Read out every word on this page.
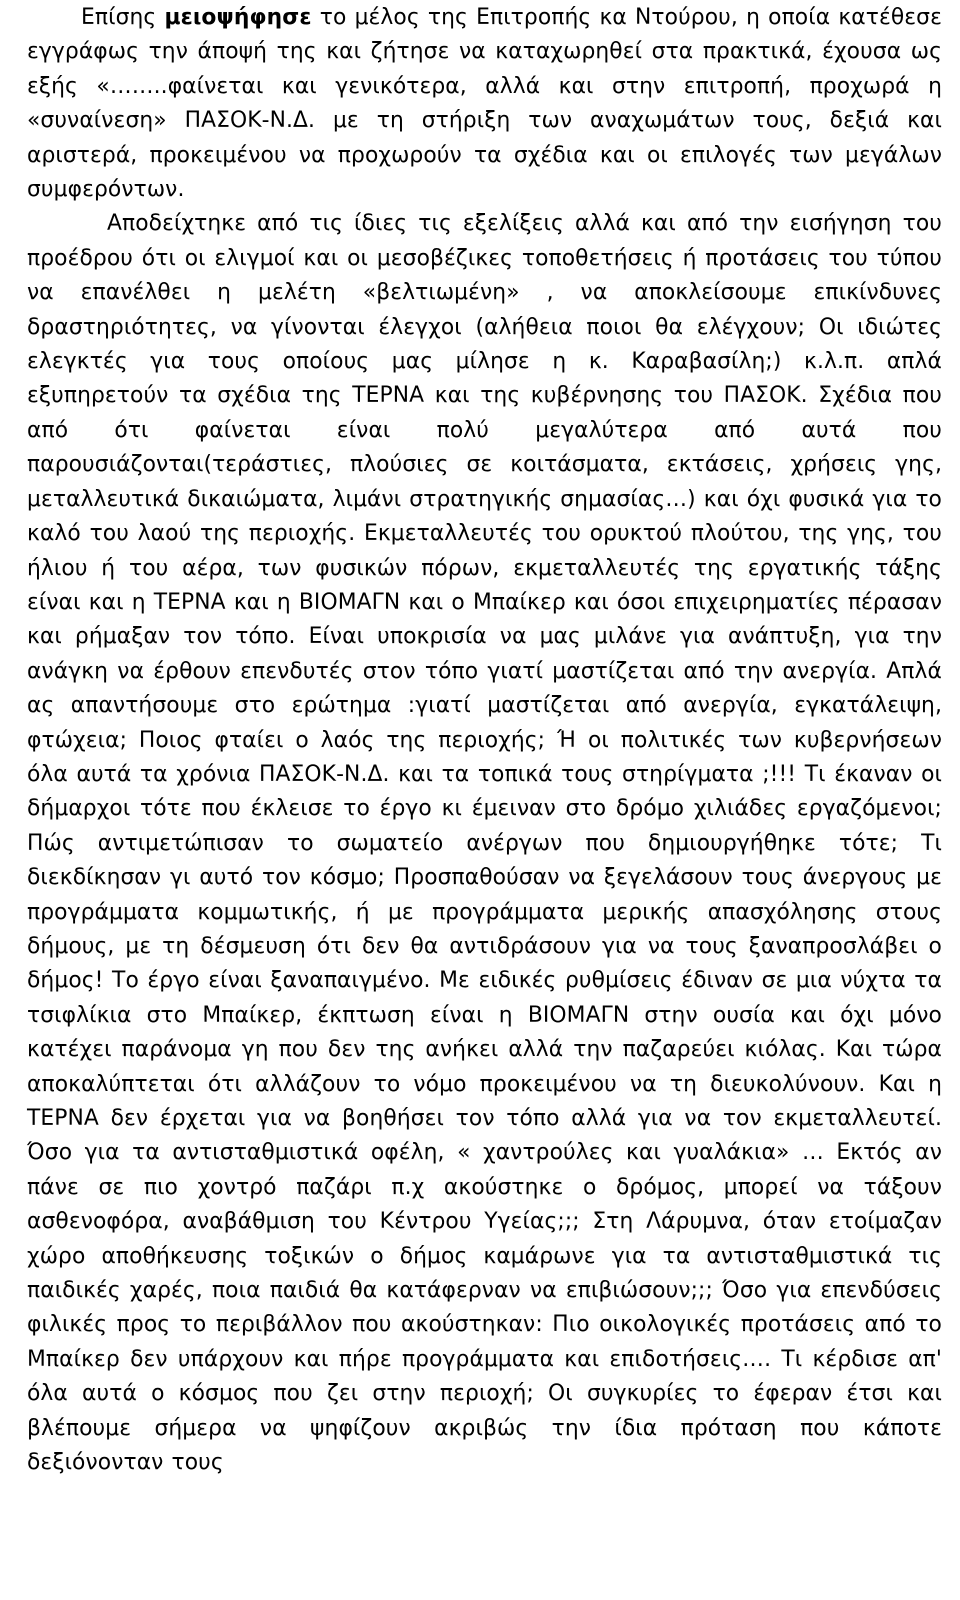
Επίσης μειοψήφησε το μέλος της Επιτροπής κα Ντούρου, η οποία κατέθεσε εγγράφως την άποψή της και ζήτησε να καταχωρηθεί στα πρακτικά, έχουσα ως εξής «……..φαίνεται και γενικότερα, αλλά και στην επιτροπή, προχωρά η «συναίνεση» ΠΑΣΟΚ-Ν.Δ. με τη στήριξη των αναχωμάτων τους, δεξιά και αριστερά, προκειμένου να προχωρούν τα σχέδια και οι επιλογές των μεγάλων συμφερόντων.

Αποδείχτηκε από τις ίδιες τις εξελίξεις αλλά και από την εισήγηση του προέδρου ότι οι ελιγμοί και οι μεσοβέζικες τοποθετήσεις ή προτάσεις του τύπου να επανέλθει η μελέτη «βελτιωμένη» , να αποκλείσουμε επικίνδυνες δραστηριότητες, να γίνονται έλεγχοι (αλήθεια ποιοι θα ελέγχουν; Οι ιδιώτες ελεγκτές για τους οποίους μας μίλησε η κ. Καραβασίλη;) κ.λ.π. απλά εξυπηρετούν τα σχέδια της ΤΕΡΝΑ και της κυβέρνησης του ΠΑΣΟΚ. Σχέδια που από ότι φαίνεται είναι πολύ μεγαλύτερα από αυτά που παρουσιάζονται(τεράστιες, πλούσιες σε κοιτάσματα, εκτάσεις, χρήσεις γης, μεταλλευτικά δικαιώματα, λιμάνι στρατηγικής σημασίας…) και όχι φυσικά για το καλό του λαού της περιοχής. Εκμεταλλευτές του ορυκτού πλούτου, της γης, του ήλιου ή του αέρα, των φυσικών πόρων, εκμεταλλευτές της εργατικής τάξης είναι και η ΤΕΡΝΑ και η ΒΙΟΜΑΓΝ και ο Μπαίκερ και όσοι επιχειρηματίες πέρασαν και ρήμαξαν τον τόπο. Είναι υποκρισία να μας μιλάνε για ανάπτυξη, για την ανάγκη να έρθουν επενδυτές στον τόπο γιατί μαστίζεται από την ανεργία. Απλά ας απαντήσουμε στο ερώτημα :γιατί μαστίζεται από ανεργία, εγκατάλειψη, φτώχεια; Ποιος φταίει ο λαός της περιοχής; Ή οι πολιτικές των κυβερνήσεων όλα αυτά τα χρόνια ΠΑΣΟΚ-Ν.Δ. και τα τοπικά τους στηρίγματα ;!!! Τι έκαναν οι δήμαρχοι τότε που έκλεισε το έργο κι έμειναν στο δρόμο χιλιάδες εργαζόμενοι; Πώς αντιμετώπισαν το σωματείο ανέργων που δημιουργήθηκε τότε; Τι διεκδίκησαν γι αυτό τον κόσμο; Προσπαθούσαν να ξεγελάσουν τους άνεργους με προγράμματα κομμωτικής, ή με προγράμματα μερικής απασχόλησης στους δήμους, με τη δέσμευση ότι δεν θα αντιδράσουν για να τους ξαναπροσλάβει ο δήμος! Το έργο είναι ξαναπαιγμένο. Με ειδικές ρυθμίσεις έδιναν σε μια νύχτα τα τσιφλίκια στο Μπαίκερ, έκπτωση είναι η ΒΙΟΜΑΓΝ στην ουσία και όχι μόνο κατέχει παράνομα γη που δεν της ανήκει αλλά την παζαρεύει κιόλας. Και τώρα αποκαλύπτεται ότι αλλάζουν το νόμο προκειμένου να τη διευκολύνουν. Και η ΤΕΡΝΑ δεν έρχεται για να βοηθήσει τον τόπο αλλά για να τον εκμεταλλευτεί. Όσο για τα αντισταθμιστικά οφέλη, « χαντρούλες και γυαλάκια» … Εκτός αν πάνε σε πιο χοντρό παζάρι π.χ ακούστηκε ο δρόμος, μπορεί να τάξουν ασθενοφόρα, αναβάθμιση του Κέντρου Υγείας;;; Στη Λάρυμνα, όταν ετοίμαζαν χώρο αποθήκευσης τοξικών ο δήμος καμάρωνε για τα αντισταθμιστικά τις παιδικές χαρές, ποια παιδιά θα κατάφερναν να επιβιώσουν;;; Όσο για επενδύσεις φιλικές προς το περιβάλλον που ακούστηκαν: Πιο οικολογικές προτάσεις από το Μπαίκερ δεν υπάρχουν και πήρε προγράμματα και επιδοτήσεις…. Τι κέρδισε απ' όλα αυτά ο κόσμος που ζει στην περιοχή; Οι συγκυρίες το έφεραν έτσι και βλέπουμε σήμερα να ψηφίζουν ακριβώς την ίδια πρόταση που κάποτε δεξιόνονταν τους
